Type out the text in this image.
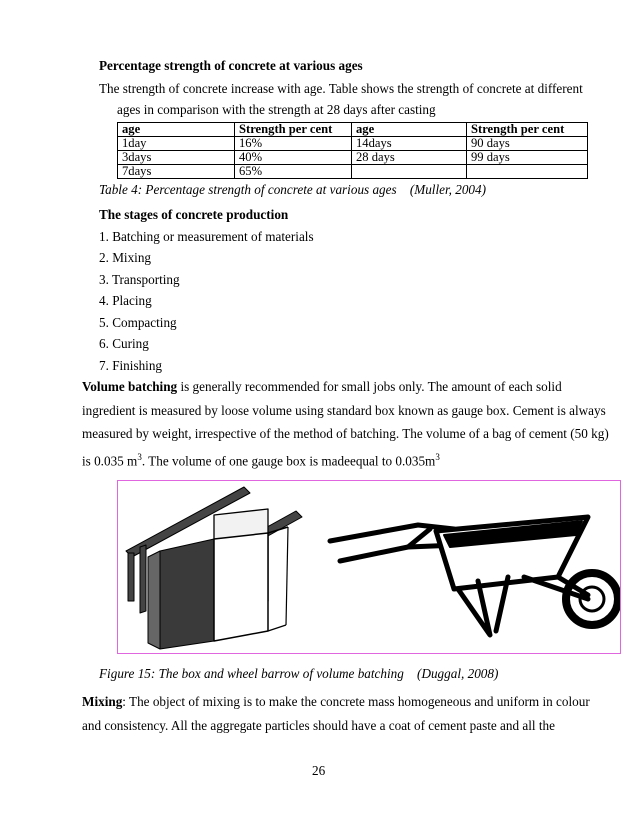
Percentage strength of concrete at various ages
The strength of concrete increase with age. Table shows the strength of concrete at different
ages in comparison with the strength at 28 days after casting
age	Strength per cent	age	Strength per cent
1day	16%	14days	90 days
3days	40%	28 days	99 days
7days	65%		
Table 4: Percentage strength of concrete at various ages (Muller, 2004)
The stages of concrete production
1. Batching or measurement of materials
2. Mixing
3. Transporting
4. Placing
5. Compacting
6. Curing
7. Finishing
Volume batching is generally recommended for small jobs only. The amount of each solid
ingredient is measured by loose volume using standard box known as gauge box. Cement is always
measured by weight, irrespective of the method of batching. The volume of a bag of cement (50 kg)
is 0.035 $m^3$. The volume of one gauge box is madeequal to $0.035m^3$
Figure 15: The box and wheel barrow of volume batching (Duggal, 2008)
Mixing: The object of mixing is to make the concrete mass homogeneous and uniform in colour
and consistency. All the aggregate particles should have a coat of cement paste and all the
26
